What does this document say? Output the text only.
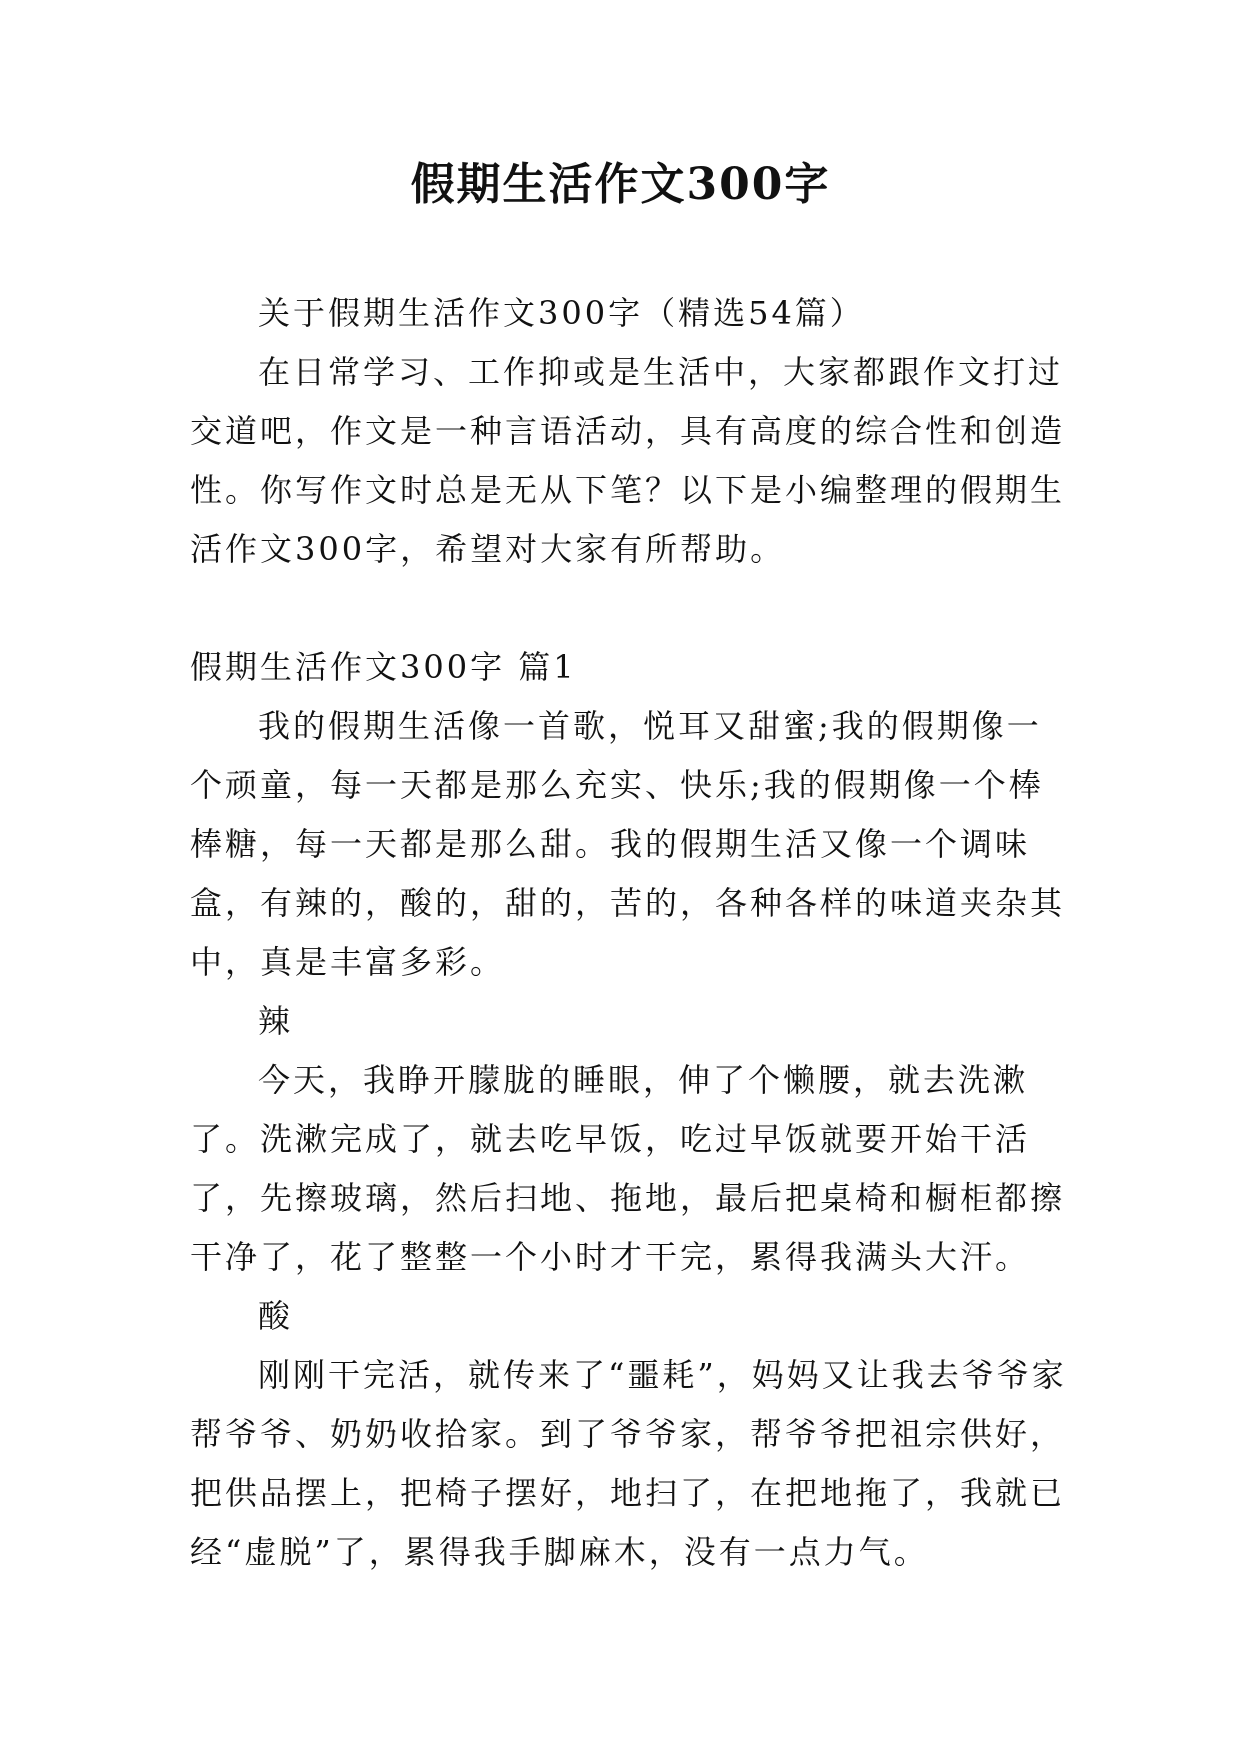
假期生活作文300字

关于假期生活作文300字（精选54篇）

在日常学习、工作抑或是生活中，大家都跟作文打过交道吧，作文是一种言语活动，具有高度的综合性和创造性。你写作文时总是无从下笔？以下是小编整理的假期生活作文300字，希望对大家有所帮助。

假期生活作文300字 篇1

我的假期生活像一首歌，悦耳又甜蜜;我的假期像一个顽童，每一天都是那么充实、快乐;我的假期像一个棒棒糖，每一天都是那么甜。我的假期生活又像一个调味盒，有辣的，酸的，甜的，苦的，各种各样的味道夹杂其中，真是丰富多彩。

辣

今天，我睁开朦胧的睡眼，伸了个懒腰，就去洗漱了。洗漱完成了，就去吃早饭，吃过早饭就要开始干活了，先擦玻璃，然后扫地、拖地，最后把桌椅和橱柜都擦干净了，花了整整一个小时才干完，累得我满头大汗。

酸

刚刚干完活，就传来了“噩耗”，妈妈又让我去爷爷家帮爷爷、奶奶收拾家。到了爷爷家，帮爷爷把祖宗供好，把供品摆上，把椅子摆好，地扫了，在把地拖了，我就已经“虚脱”了，累得我手脚麻木，没有一点力气。
